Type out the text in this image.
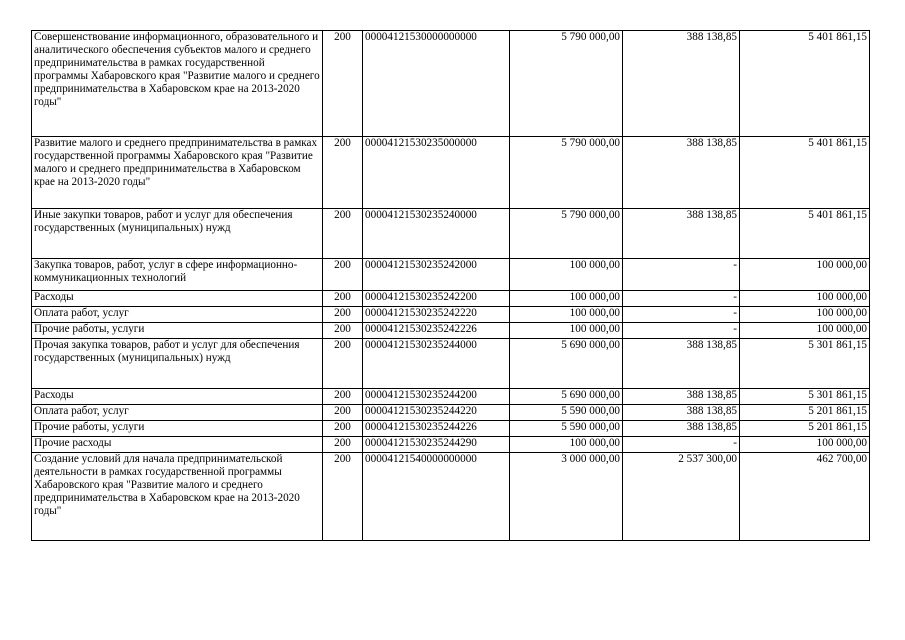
Совершенствование информационного, образовательного и аналитического обеспечения субъектов малого и среднего предпринимательства в рамках государственной программы Хабаровского края "Развитие малого и среднего предпринимательства в Хабаровском крае на 2013-2020 годы"	200	00004121530000000000	5 790 000,00	388 138,85	5 401 861,15
Развитие малого и среднего предпринимательства в рамках государственной программы Хабаровского края "Развитие малого и среднего предпринимательства в Хабаровском крае на 2013-2020 годы"	200	00004121530235000000	5 790 000,00	388 138,85	5 401 861,15
Иные закупки товаров, работ и услуг для обеспечения государственных (муниципальных) нужд	200	00004121530235240000	5 790 000,00	388 138,85	5 401 861,15
Закупка товаров, работ, услуг в сфере информационно-коммуникационных технологий	200	00004121530235242000	100 000,00	-	100 000,00
Расходы	200	00004121530235242200	100 000,00	-	100 000,00
Оплата работ, услуг	200	00004121530235242220	100 000,00	-	100 000,00
Прочие работы, услуги	200	00004121530235242226	100 000,00	-	100 000,00
Прочая закупка товаров, работ и услуг для обеспечения государственных (муниципальных) нужд	200	00004121530235244000	5 690 000,00	388 138,85	5 301 861,15
Расходы	200	00004121530235244200	5 690 000,00	388 138,85	5 301 861,15
Оплата работ, услуг	200	00004121530235244220	5 590 000,00	388 138,85	5 201 861,15
Прочие работы, услуги	200	00004121530235244226	5 590 000,00	388 138,85	5 201 861,15
Прочие расходы	200	00004121530235244290	100 000,00	-	100 000,00
Создание условий для начала предпринимательской деятельности в рамках государственной программы Хабаровского края "Развитие малого и среднего предпринимательства в Хабаровском крае на 2013-2020 годы"	200	00004121540000000000	3 000 000,00	2 537 300,00	462 700,00
